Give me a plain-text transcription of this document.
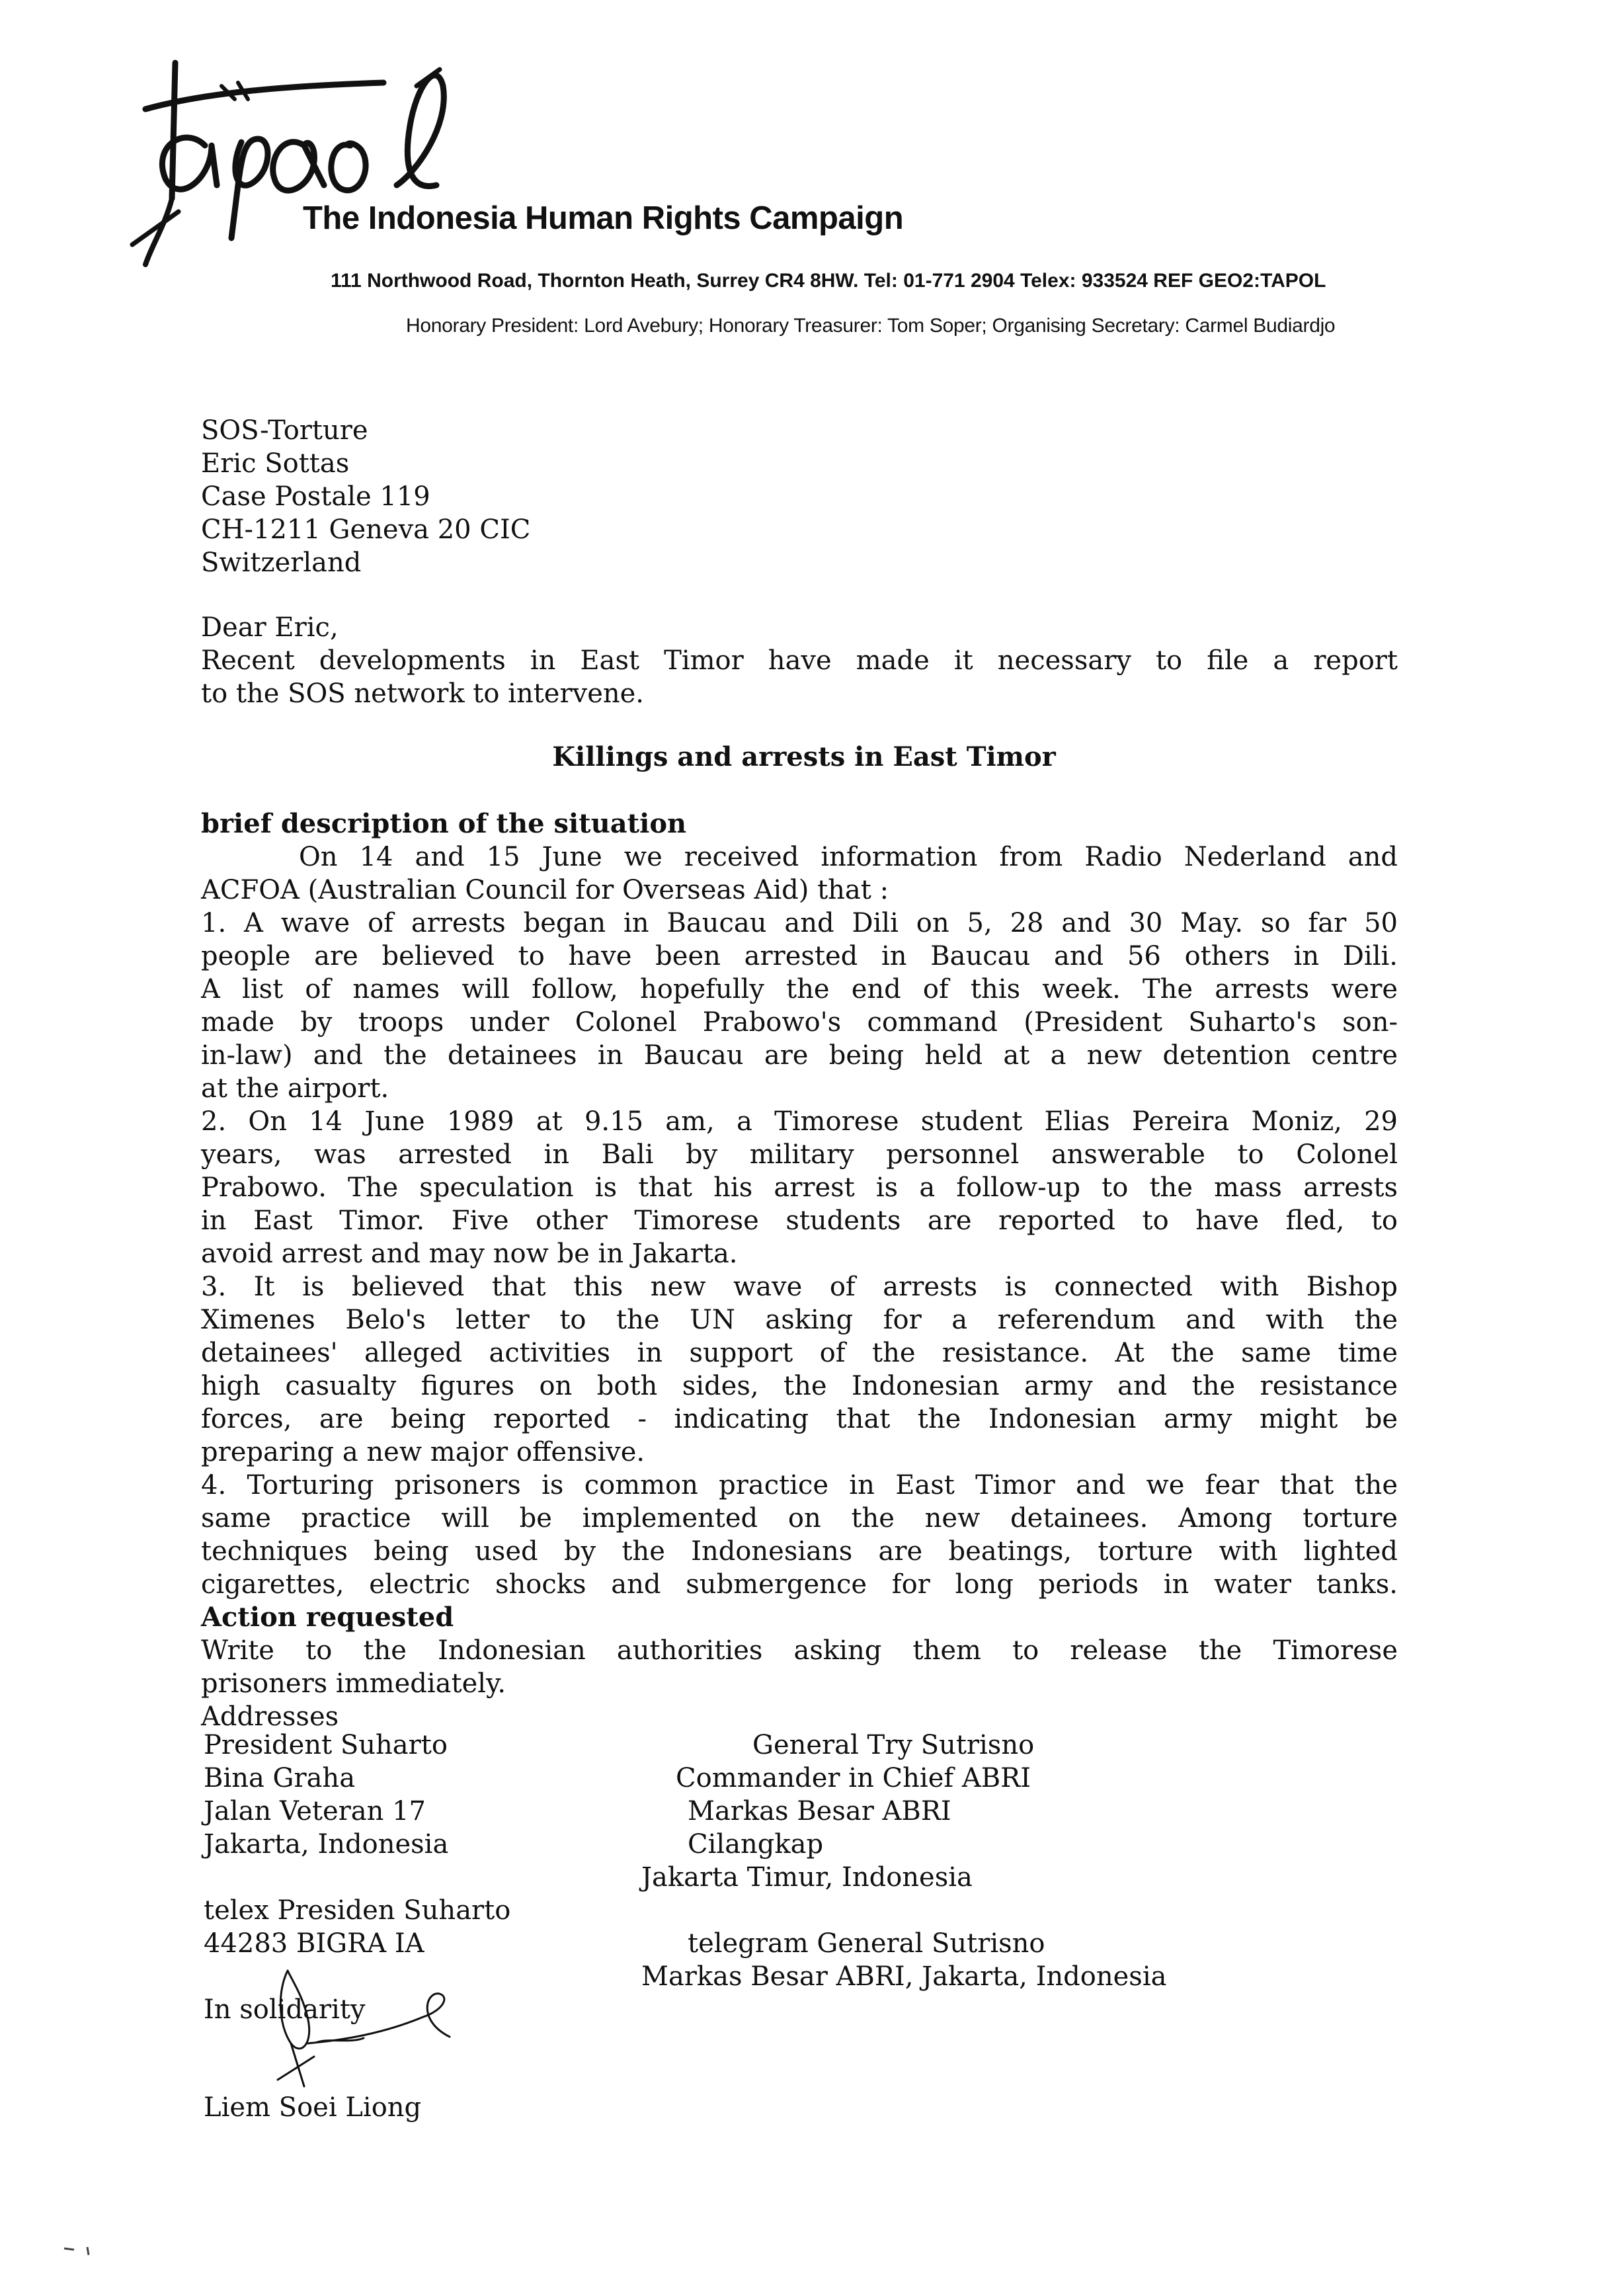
The Indonesia Human Rights Campaign
111 Northwood Road, Thornton Heath, Surrey CR4 8HW. Tel: 01-771 2904 Telex: 933524 REF GEO2:TAPOL
Honorary President: Lord Avebury; Honorary Treasurer: Tom Soper; Organising Secretary: Carmel Budiardjo
SOS-Torture
Eric Sottas
Case Postale 119
CH-1211 Geneva 20 CIC
Switzerland
Dear Eric,
Recent developments in East Timor have made it necessary to file a report
to the SOS network to intervene.
Killings and arrests in East Timor
brief description of the situation
On 14 and 15 June we received information from Radio Nederland and
ACFOA (Australian Council for Overseas Aid) that :
1. A wave of arrests began in Baucau and Dili on 5, 28 and 30 May. so far 50
people are believed to have been arrested in Baucau and 56 others in Dili.
A list of names will follow, hopefully the end of this week. The arrests were
made by troops under Colonel Prabowo's command (President Suharto's son-
in-law) and the detainees in Baucau are being held at a new detention centre
at the airport.
2. On 14 June 1989 at 9.15 am, a Timorese student Elias Pereira Moniz, 29
years, was arrested in Bali by military personnel answerable to Colonel
Prabowo. The speculation is that his arrest is a follow-up to the mass arrests
in East Timor. Five other Timorese students are reported to have fled, to
avoid arrest and may now be in Jakarta.
3. It is believed that this new wave of arrests is connected with Bishop
Ximenes Belo's letter to the UN asking for a referendum and with the
detainees' alleged activities in support of the resistance. At the same time
high casualty figures on both sides, the Indonesian army and the resistance
forces, are being reported - indicating that the Indonesian army might be
preparing a new major offensive.
4. Torturing prisoners is common practice in East Timor and we fear that the
same practice will be implemented on the new detainees. Among torture
techniques being used by the Indonesians are beatings, torture with lighted
cigarettes, electric shocks and submergence for long periods in water tanks.
Action requested
Write to the Indonesian authorities asking them to release the Timorese
prisoners immediately.
Addresses
President Suharto
Bina Graha
Jalan Veteran 17
Jakarta, Indonesia
General Try Sutrisno
Commander in Chief ABRI
Markas Besar ABRI
Cilangkap
Jakarta Timur, Indonesia
telex Presiden Suharto
44283 BIGRA IA	telegram General Sutrisno
Markas Besar ABRI, Jakarta, Indonesia
In solidarity
Liem Soei Liong
